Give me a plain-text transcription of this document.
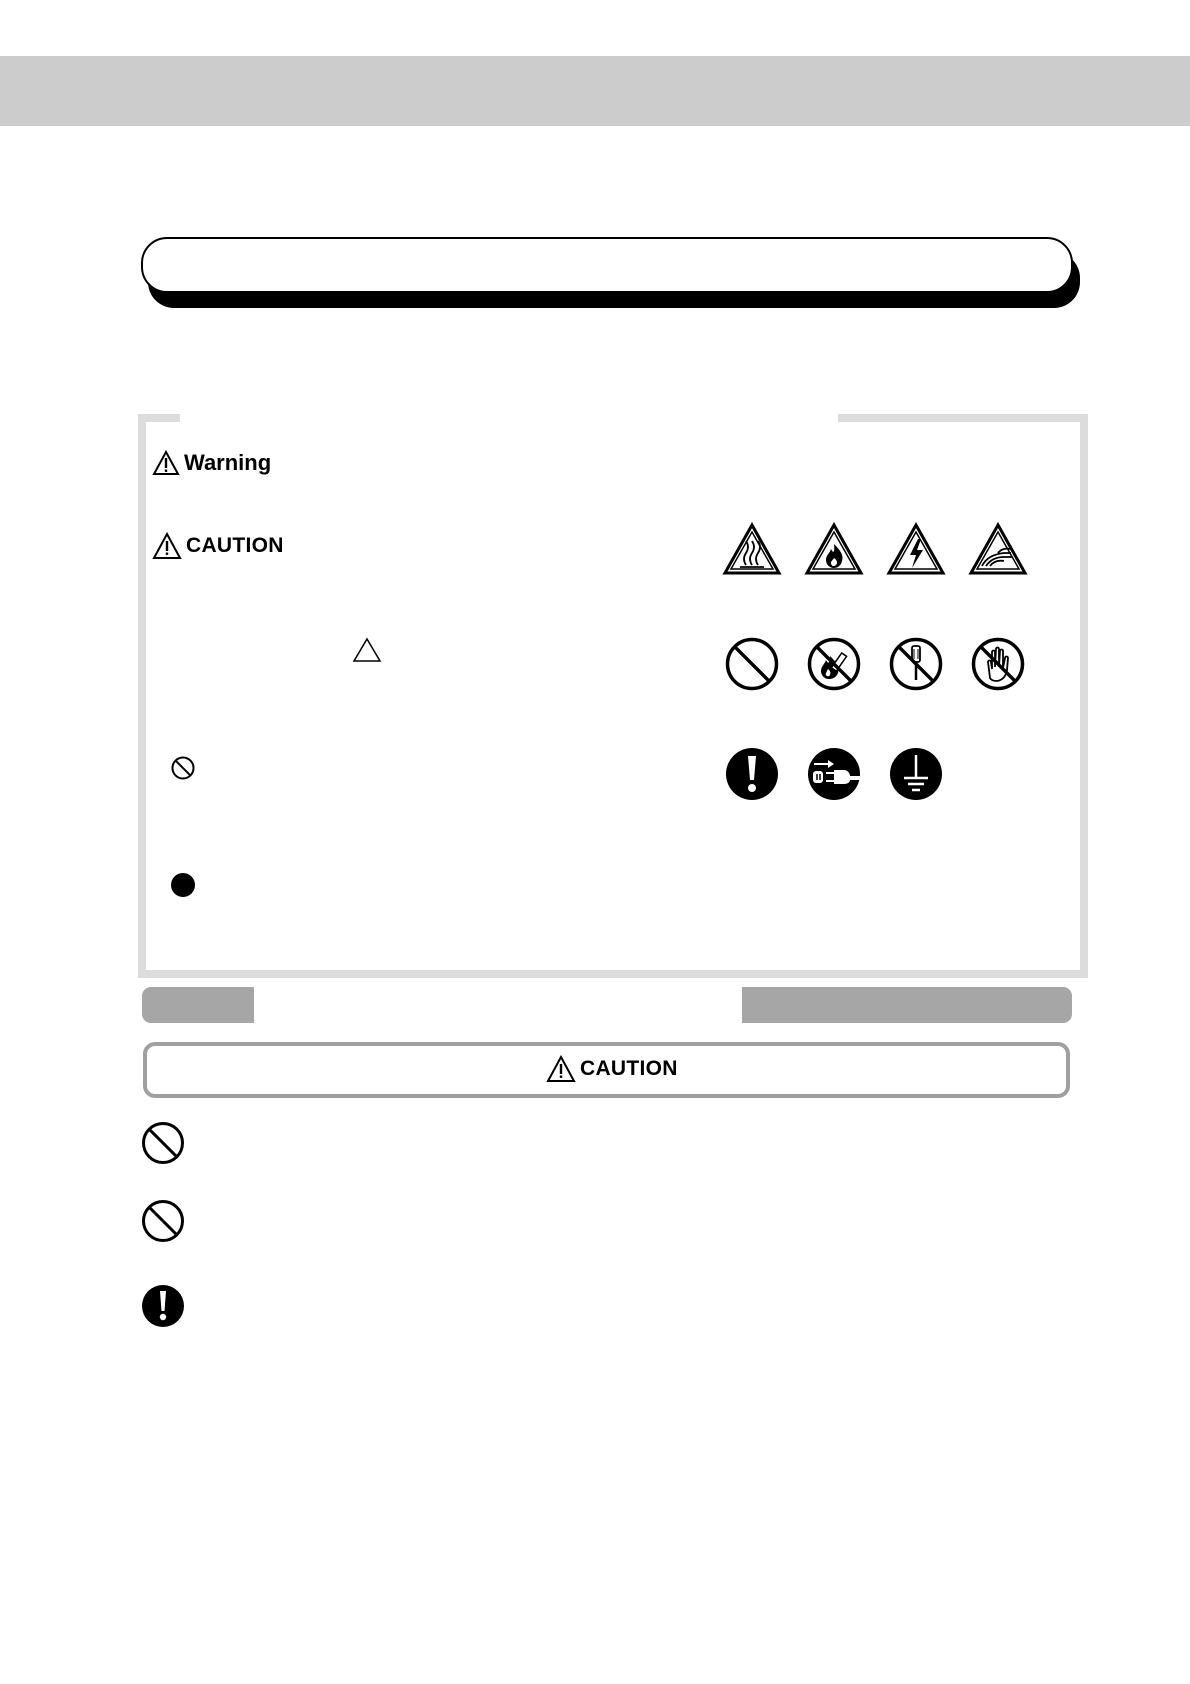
Warning
CAUTION
CAUTION
